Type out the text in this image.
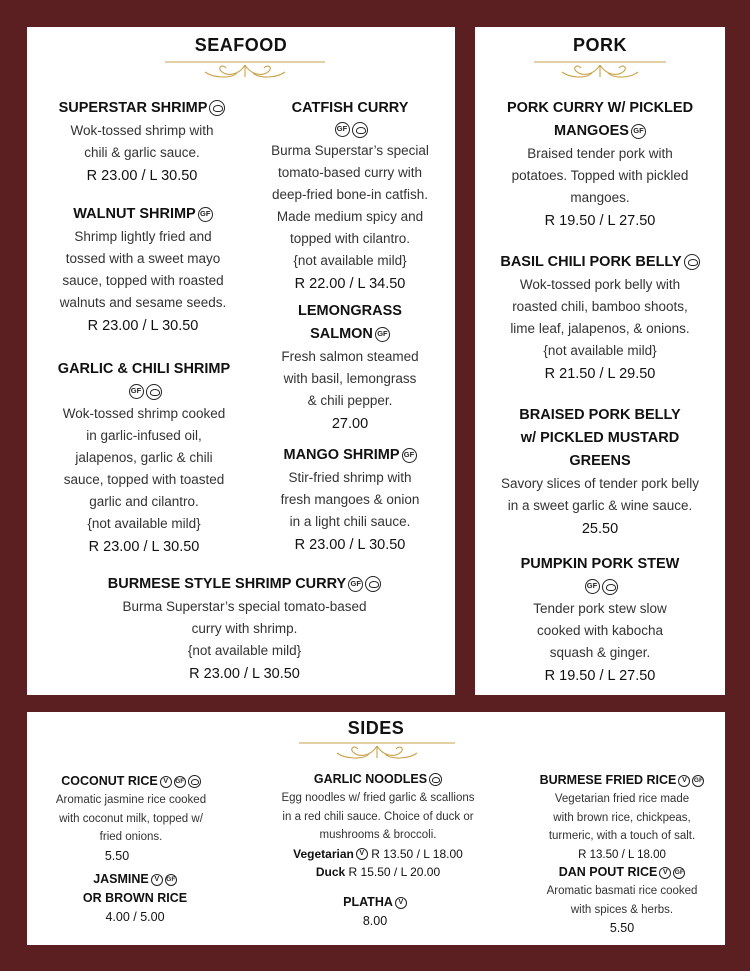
SEAFOOD
SUPERSTAR SHRIMP
Wok-tossed shrimp with
chili & garlic sauce.
R 23.00 / L 30.50
WALNUT SHRIMP GF
Shrimp lightly fried and
tossed with a sweet mayo
sauce, topped with roasted
walnuts and sesame seeds.
R 23.00 / L 30.50
GARLIC & CHILI SHRIMP
GF
Wok-tossed shrimp cooked
in garlic-infused oil,
jalapenos, garlic & chili
sauce, topped with toasted
garlic and cilantro.
{not available mild}
R 23.00 / L 30.50
CATFISH CURRY
GF
Burma Superstar’s special
tomato-based curry with
deep-fried bone-in catfish.
Made medium spicy and
topped with cilantro.
{not available mild}
R 22.00 / L 34.50
LEMONGRASS
SALMON GF
Fresh salmon steamed
with basil, lemongrass
& chili pepper.
27.00
MANGO SHRIMP GF
Stir-fried shrimp with
fresh mangoes & onion
in a light chili sauce.
R 23.00 / L 30.50
BURMESE STYLE SHRIMP CURRY GF
Burma Superstar’s special tomato-based
curry with shrimp.
{not available mild}
R 23.00 / L 30.50
PORK
PORK CURRY W/ PICKLED
MANGOES GF
Braised tender pork with
potatoes. Topped with pickled
mangoes.
R 19.50 / L 27.50
BASIL CHILI PORK BELLY
Wok-tossed pork belly with
roasted chili, bamboo shoots,
lime leaf, jalapenos, & onions.
{not available mild}
R 21.50 / L 29.50
BRAISED PORK BELLY
w/ PICKLED MUSTARD
GREENS
Savory slices of tender pork belly
in a sweet garlic & wine sauce.
25.50
PUMPKIN PORK STEW
GF
Tender pork stew slow
cooked with kabocha
squash & ginger.
R 19.50 / L 27.50
SIDES
COCONUT RICE V GF
Aromatic jasmine rice cooked
with coconut milk, topped w/
fried onions.
5.50
JASMINE V GF
OR BROWN RICE
4.00 / 5.00
GARLIC NOODLES
Egg noodles w/ fried garlic & scallions
in a red chili sauce. Choice of duck or
mushrooms & broccoli.
Vegetarian V R 13.50 / L 18.00
Duck R 15.50 / L 20.00
PLATHA V
8.00
BURMESE FRIED RICE V GF
Vegetarian fried rice made
with brown rice, chickpeas,
turmeric, with a touch of salt.
R 13.50 / L 18.00
DAN POUT RICE V GF
Aromatic basmati rice cooked
with spices & herbs.
5.50
